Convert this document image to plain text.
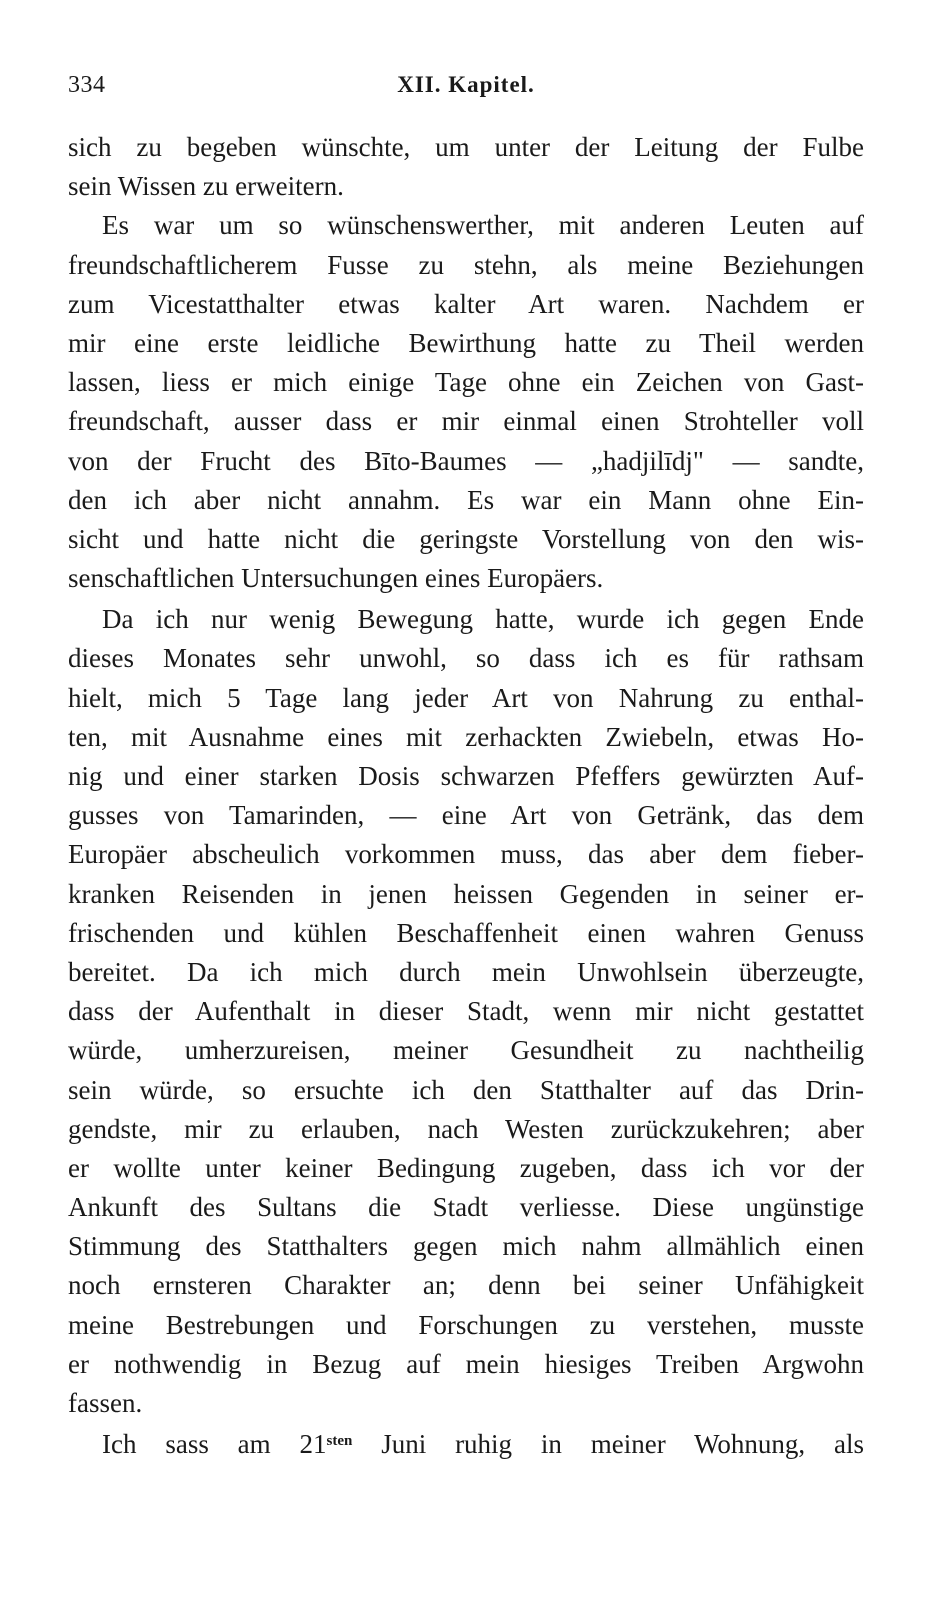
334	XII. Kapitel.
sich zu begeben wünschte, um unter der Leitung der Fulbe
sein Wissen zu erweitern.
Es war um so wünschenswerther, mit anderen Leuten auf
freundschaftlicherem Fusse zu stehn, als meine Beziehungen
zum Vicestatthalter etwas kalter Art waren. Nachdem er
mir eine erste leidliche Bewirthung hatte zu Theil werden
lassen, liess er mich einige Tage ohne ein Zeichen von Gast-
freundschaft, ausser dass er mir einmal einen Strohteller voll
von der Frucht des Bīto-Baumes — „hadjilīdj" — sandte,
den ich aber nicht annahm. Es war ein Mann ohne Ein-
sicht und hatte nicht die geringste Vorstellung von den wis-
senschaftlichen Untersuchungen eines Europäers.
Da ich nur wenig Bewegung hatte, wurde ich gegen Ende
dieses Monates sehr unwohl, so dass ich es für rathsam
hielt, mich 5 Tage lang jeder Art von Nahrung zu enthal-
ten, mit Ausnahme eines mit zerhackten Zwiebeln, etwas Ho-
nig und einer starken Dosis schwarzen Pfeffers gewürzten Auf-
gusses von Tamarinden, — eine Art von Getränk, das dem
Europäer abscheulich vorkommen muss, das aber dem fieber-
kranken Reisenden in jenen heissen Gegenden in seiner er-
frischenden und kühlen Beschaffenheit einen wahren Genuss
bereitet. Da ich mich durch mein Unwohlsein überzeugte,
dass der Aufenthalt in dieser Stadt, wenn mir nicht gestattet
würde, umherzureisen, meiner Gesundheit zu nachtheilig
sein würde, so ersuchte ich den Statthalter auf das Drin-
gendste, mir zu erlauben, nach Westen zurückzukehren; aber
er wollte unter keiner Bedingung zugeben, dass ich vor der
Ankunft des Sultans die Stadt verliesse. Diese ungünstige
Stimmung des Statthalters gegen mich nahm allmählich einen
noch ernsteren Charakter an; denn bei seiner Unfähigkeit
meine Bestrebungen und Forschungen zu verstehen, musste
er nothwendig in Bezug auf mein hiesiges Treiben Argwohn
fassen.
Ich sass am $21^{sten}$ Juni ruhig in meiner Wohnung, als
